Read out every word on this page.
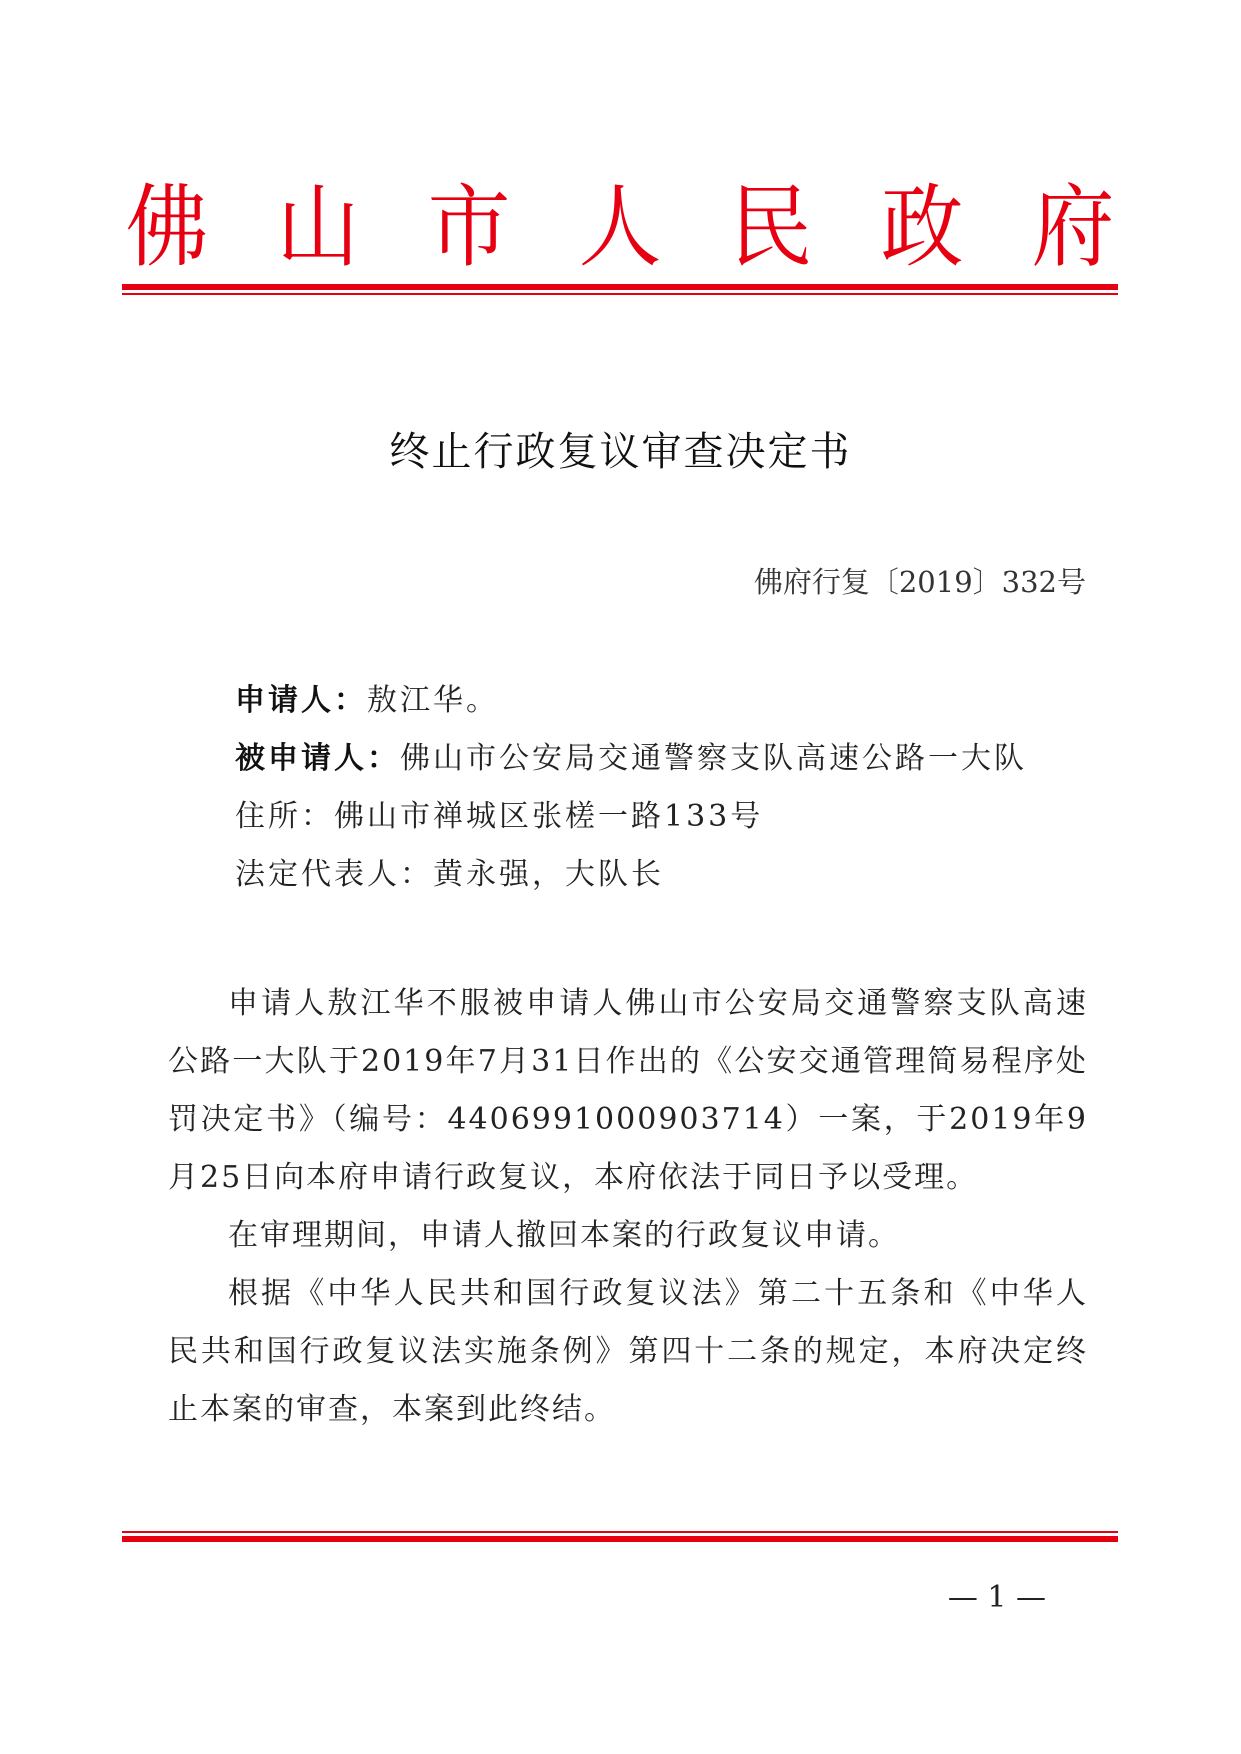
佛 山 市 人 民 政 府
终止行政复议审查决定书
佛府行复〔2019〕332号
申请人：敖江华。
被申请人：佛山市公安局交通警察支队高速公路一大队
住所：佛山市禅城区张槎一路133号
法定代表人：黄永强，大队长

申请人敖江华不服被申请人佛山市公安局交通警察支队高速公路一大队于2019年7月31日作出的《公安交通管理简易程序处罚决定书》（编号：4406991000903714）一案，于2019年9月25日向本府申请行政复议，本府依法于同日予以受理。

在审理期间，申请人撤回本案的行政复议申请。

根据《中华人民共和国行政复议法》第二十五条和《中华人民共和国行政复议法实施条例》第四十二条的规定，本府决定终止本案的审查，本案到此终结。

— 1 —
